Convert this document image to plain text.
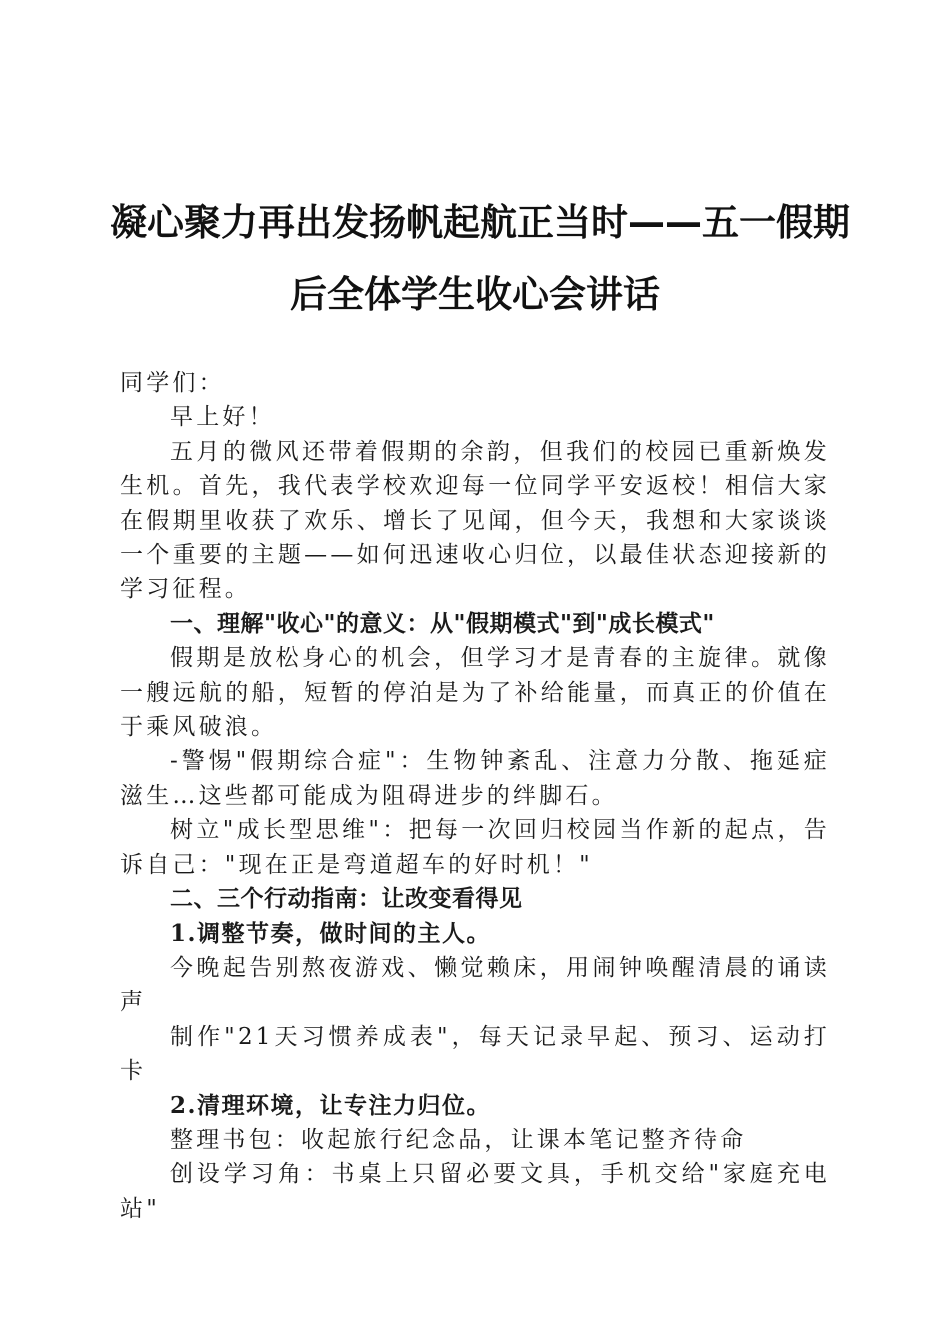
凝心聚力再出发扬帆起航正当时——五一假期
后全体学生收心会讲话

同学们：

早上好！

五月的微风还带着假期的余韵，但我们的校园已重新焕发生机。首先，我代表学校欢迎每一位同学平安返校！相信大家在假期里收获了欢乐、增长了见闻，但今天，我想和大家谈谈一个重要的主题——如何迅速收心归位，以最佳状态迎接新的学习征程。

一、理解"收心"的意义：从"假期模式"到"成长模式"

假期是放松身心的机会，但学习才是青春的主旋律。就像一艘远航的船，短暂的停泊是为了补给能量，而真正的价值在于乘风破浪。

-警惕"假期综合症"：生物钟紊乱、注意力分散、拖延症滋生…这些都可能成为阻碍进步的绊脚石。

树立"成长型思维"：把每一次回归校园当作新的起点，告诉自己："现在正是弯道超车的好时机！"

二、三个行动指南：让改变看得见

1.调整节奏，做时间的主人。

今晚起告别熬夜游戏、懒觉赖床，用闹钟唤醒清晨的诵读声

制作"21天习惯养成表"，每天记录早起、预习、运动打卡

2.清理环境，让专注力归位。

整理书包：收起旅行纪念品，让课本笔记整齐待命

创设学习角：书桌上只留必要文具，手机交给"家庭充电站"
